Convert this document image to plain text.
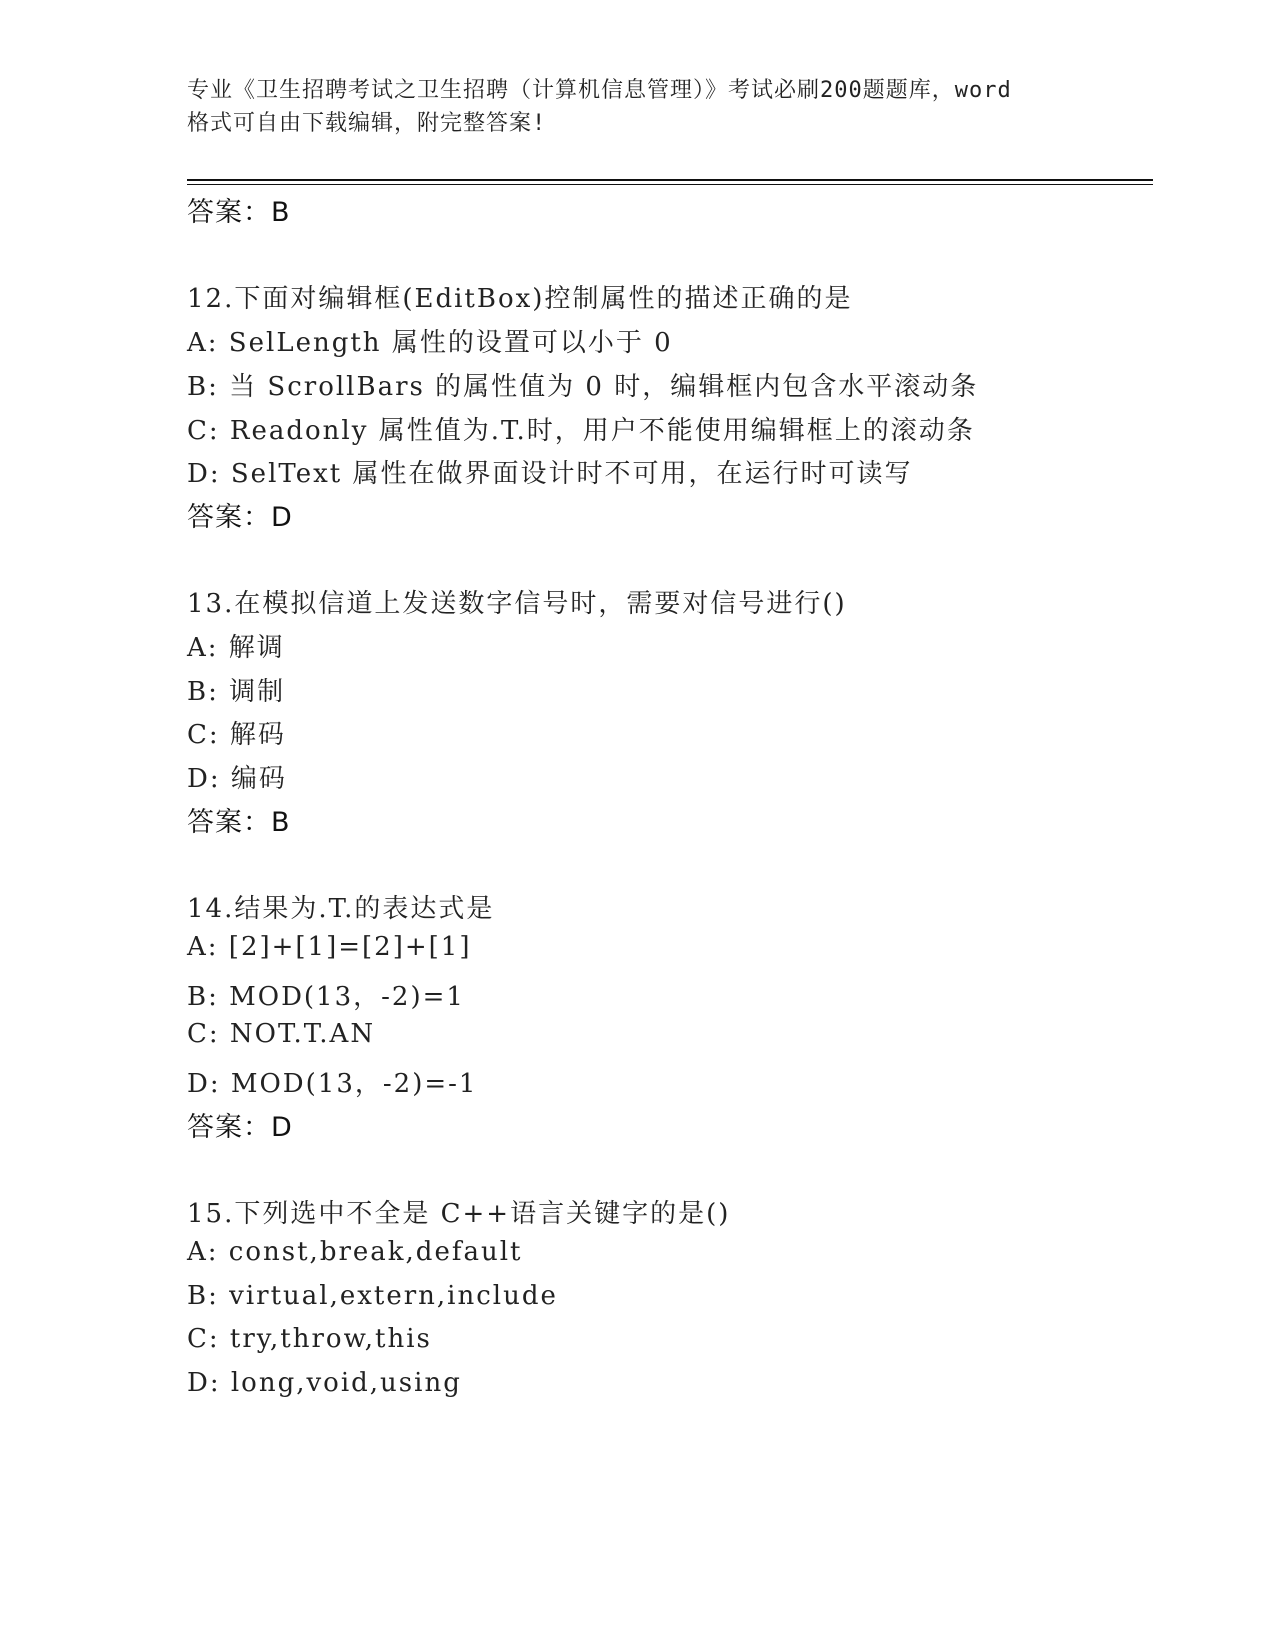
专业《卫生招聘考试之卫生招聘（计算机信息管理）》考试必刷200题题库，word
格式可自由下载编辑，附完整答案!
答案：B
12.下面对编辑框(EditBox)控制属性的描述正确的是
A: SelLength 属性的设置可以小于 0
B: 当 ScrollBars 的属性值为 0 时，编辑框内包含水平滚动条
C: Readonly 属性值为.T.时，用户不能使用编辑框上的滚动条
D: SelText 属性在做界面设计时不可用，在运行时可读写
答案：D
13.在模拟信道上发送数字信号时，需要对信号进行()
A: 解调
B: 调制
C: 解码
D: 编码
答案：B
14.结果为.T.的表达式是
A: [2]+[1]=[2]+[1]
B: MOD(13，-2)=1
C: NOT.T.AN
D: MOD(13，-2)=-1
答案：D
15.下列选中不全是 C++语言关键字的是()
A: const,break,default
B: virtual,extern,include
C: try,throw,this
D: long,void,using
